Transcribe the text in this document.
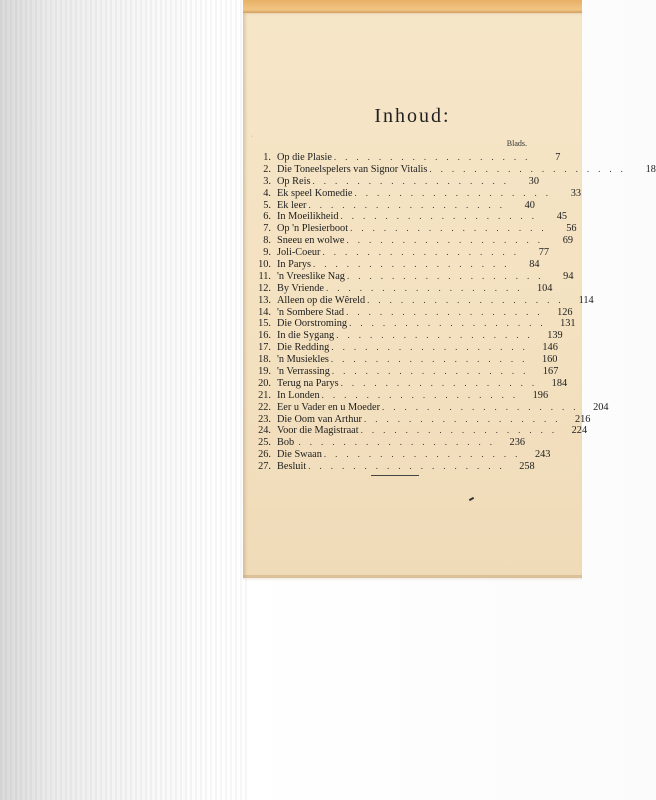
·
Inhoud:
Blads.
1. Op die Plasie ..................	7
2. Die Toneelspelers van Signor Vitalis ..................	18
3. Op Reis ..................	30
4. Ek speel Komedie ..................	33
5. Ek leer ..................	40
6. In Moeilikheid ..................	45
7. Op 'n Plesierboot ..................	56
8. Sneeu en wolwe ..................	69
9. Joli-Coeur ..................	77
10. In Parys ..................	84
11. 'n Vreeslike Nag ..................	94
12. By Vriende .................. 104
13. Alleen op die Wêreld .................. 114
14. 'n Sombere Stad .................. 126
15. Die Oorstroming .................. 131
16. In die Sygang .................. 139
17. Die Redding .................. 146
18. 'n Musiekles .................. 160
19. 'n Verrassing .................. 167
20. Terug na Parys .................. 184
21. In Londen .................. 196
22. Eer u Vader en u Moeder .................. 204
23. Die Oom van Arthur .................. 216
24. Voor die Magistraat .................. 224
25. Bob .................. 236
26. Die Swaan .................. 243
27. Besluit .................. 258
